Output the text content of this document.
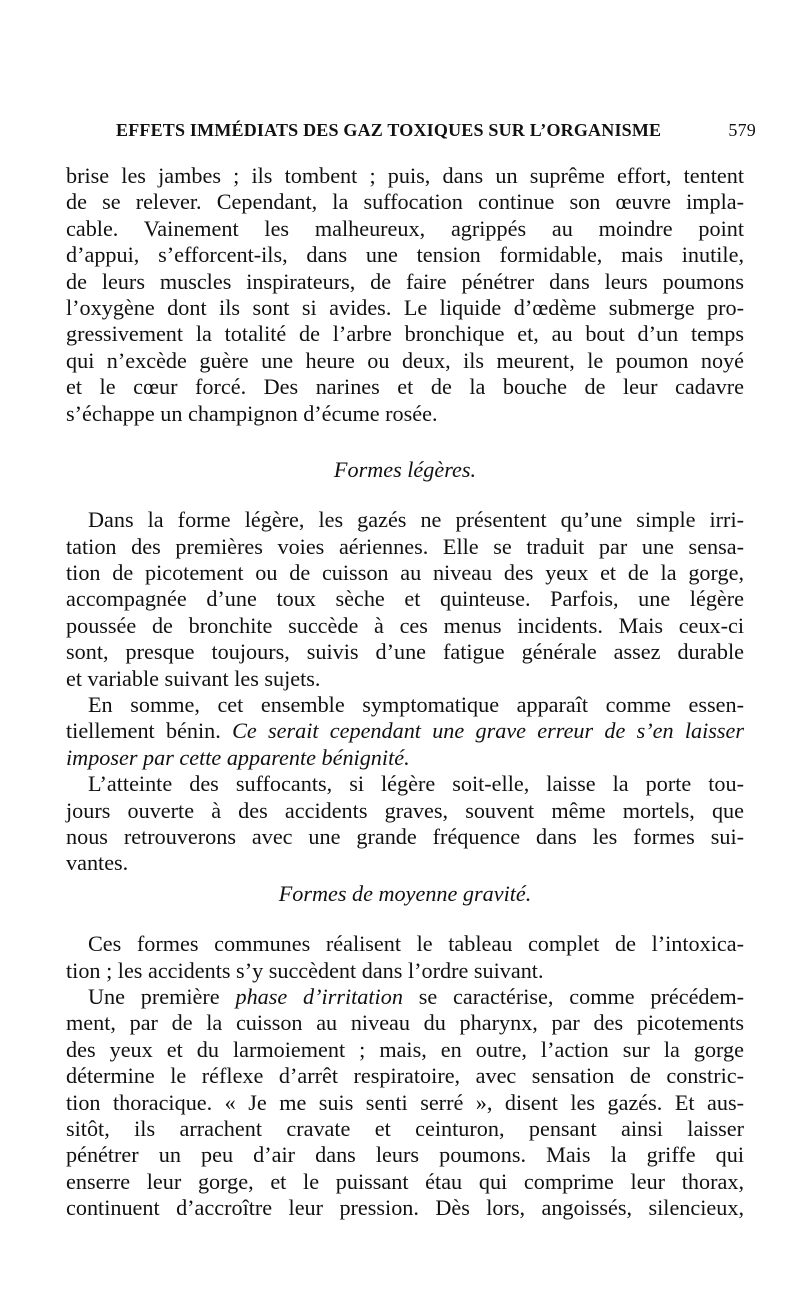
EFFETS IMMÉDIATS DES GAZ TOXIQUES SUR L’ORGANISME	579
brise les jambes ; ils tombent ; puis, dans un suprême effort, tentent
de se relever. Cependant, la suffocation continue son œuvre impla-
cable. Vainement les malheureux, agrippés au moindre point
d’appui, s’efforcent-ils, dans une tension formidable, mais inutile,
de leurs muscles inspirateurs, de faire pénétrer dans leurs poumons
l’oxygène dont ils sont si avides. Le liquide d’œdème submerge pro-
gressivement la totalité de l’arbre bronchique et, au bout d’un temps
qui n’excède guère une heure ou deux, ils meurent, le poumon noyé
et le cœur forcé. Des narines et de la bouche de leur cadavre
s’échappe un champignon d’écume rosée.
Formes légères.
Dans la forme légère, les gazés ne présentent qu’une simple irri-
tation des premières voies aériennes. Elle se traduit par une sensa-
tion de picotement ou de cuisson au niveau des yeux et de la gorge,
accompagnée d’une toux sèche et quinteuse. Parfois, une légère
poussée de bronchite succède à ces menus incidents. Mais ceux-ci
sont, presque toujours, suivis d’une fatigue générale assez durable
et variable suivant les sujets.
En somme, cet ensemble symptomatique apparaît comme essen-
tiellement bénin. Ce serait cependant une grave erreur de s’en laisser
imposer par cette apparente bénignité.
L’atteinte des suffocants, si légère soit-elle, laisse la porte tou-
jours ouverte à des accidents graves, souvent même mortels, que
nous retrouverons avec une grande fréquence dans les formes sui-
vantes.
Formes de moyenne gravité.
Ces formes communes réalisent le tableau complet de l’intoxica-
tion ; les accidents s’y succèdent dans l’ordre suivant.
Une première phase d’irritation se caractérise, comme précédem-
ment, par de la cuisson au niveau du pharynx, par des picotements
des yeux et du larmoiement ; mais, en outre, l’action sur la gorge
détermine le réflexe d’arrêt respiratoire, avec sensation de constric-
tion thoracique. « Je me suis senti serré », disent les gazés. Et aus-
sitôt, ils arrachent cravate et ceinturon, pensant ainsi laisser
pénétrer un peu d’air dans leurs poumons. Mais la griffe qui
enserre leur gorge, et le puissant étau qui comprime leur thorax,
continuent d’accroître leur pression. Dès lors, angoissés, silencieux,
